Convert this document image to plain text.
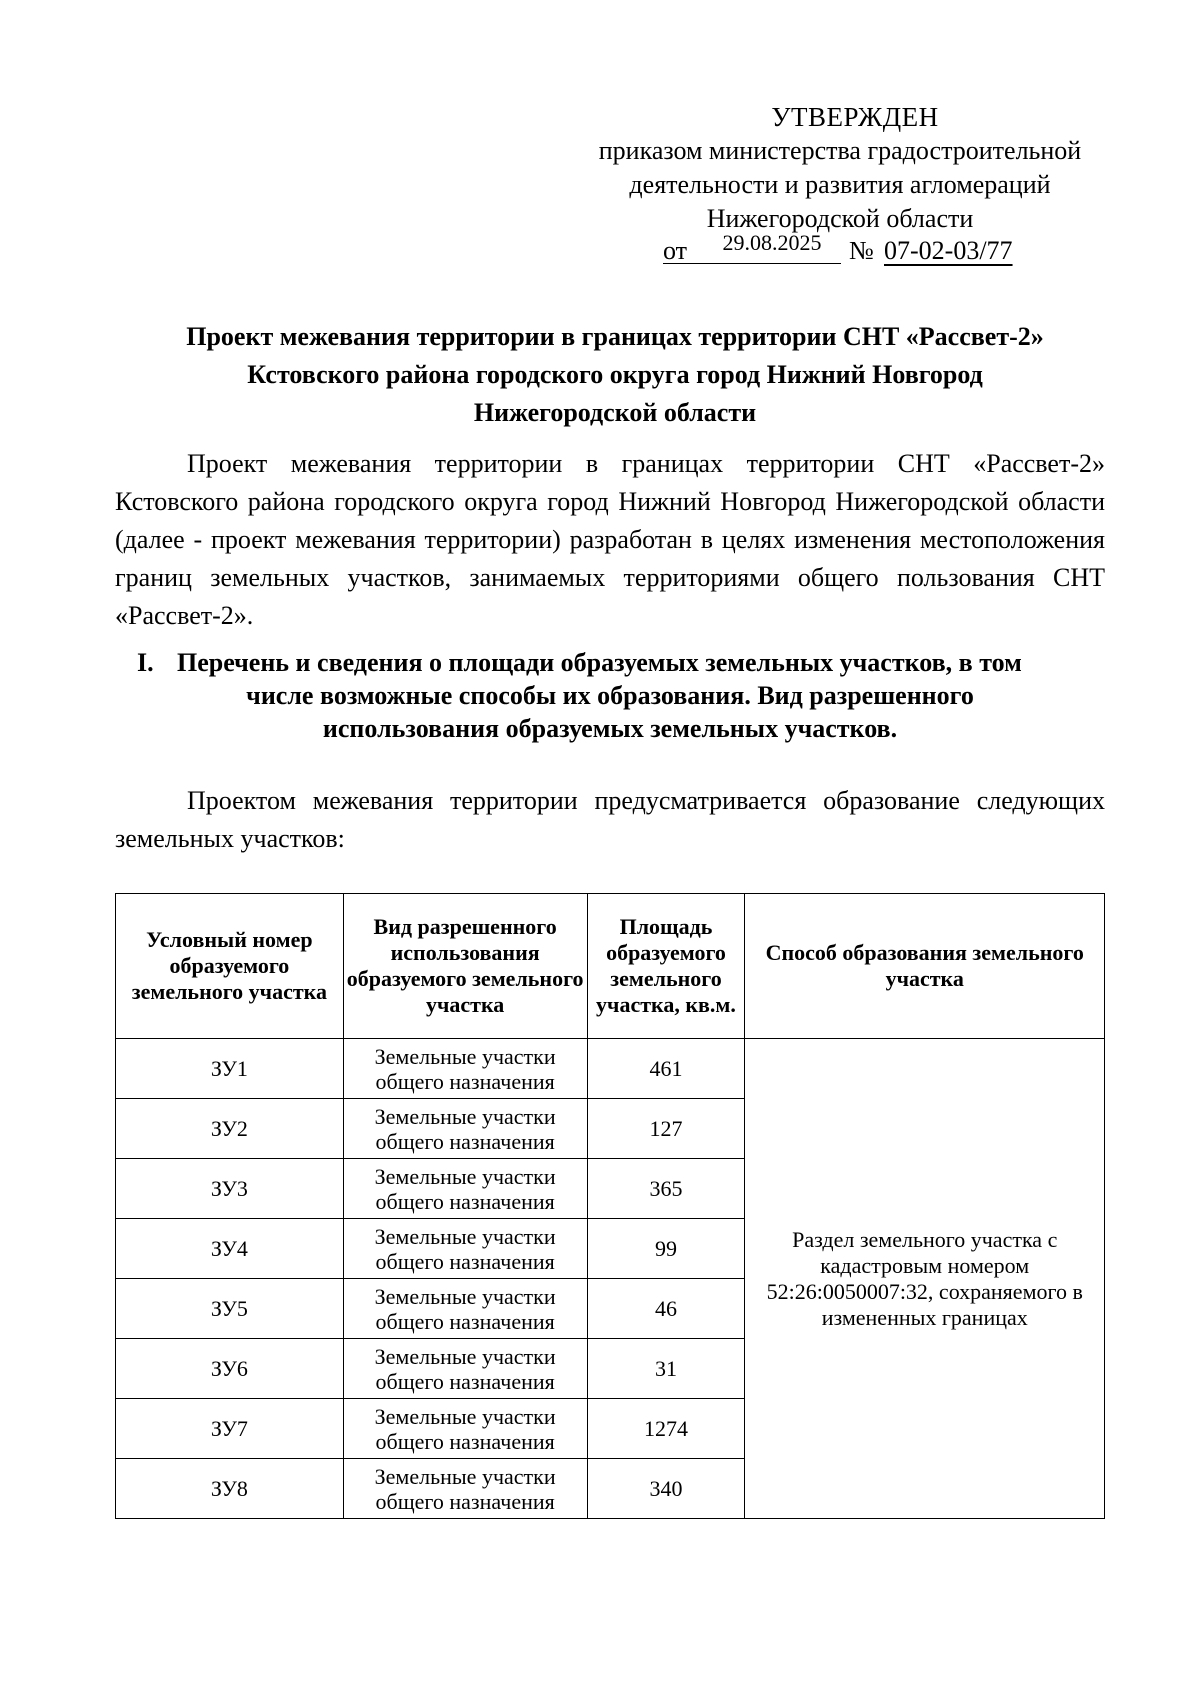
УТВЕРЖДЕН
приказом министерства градостроительной
деятельности и развития агломераций
Нижегородской области
29.08.2025
от	№ 07-02-03/77
Проект межевания территории в границах территории СНТ «Рассвет-2»
Кстовского района городского округа город Нижний Новгород
Нижегородской области
Проект межевания территории в границах территории СНТ «Рассвет-2» Кстовского района городского округа город Нижний Новгород Нижегородской области (далее - проект межевания территории) разработан в целях изменения местоположения границ земельных участков, занимаемых территориями общего пользования СНТ «Рассвет-2».
I. Перечень и сведения о площади образуемых земельных участков, в том
числе возможные способы их образования. Вид разрешенного
использования образуемых земельных участков.
Проектом межевания территории предусматривается образование следующих земельных участков:
Условный номер образуемого земельного участка	Вид разрешенного использования образуемого земельного участка	Площадь образуемого земельного участка, кв.м.	Способ образования земельного участка
ЗУ1	Земельные участки
общего назначения	461	Раздел земельного участка с кадастровым номером 52:26:0050007:32, сохраняемого в измененных границах
ЗУ2	Земельные участки
общего назначения	127	
ЗУ3	Земельные участки
общего назначения	365	
ЗУ4	Земельные участки
общего назначения	99	
ЗУ5	Земельные участки
общего назначения	46	
ЗУ6	Земельные участки
общего назначения	31	
ЗУ7	Земельные участки
общего назначения	1274	
ЗУ8	Земельные участки
общего назначения	340	
